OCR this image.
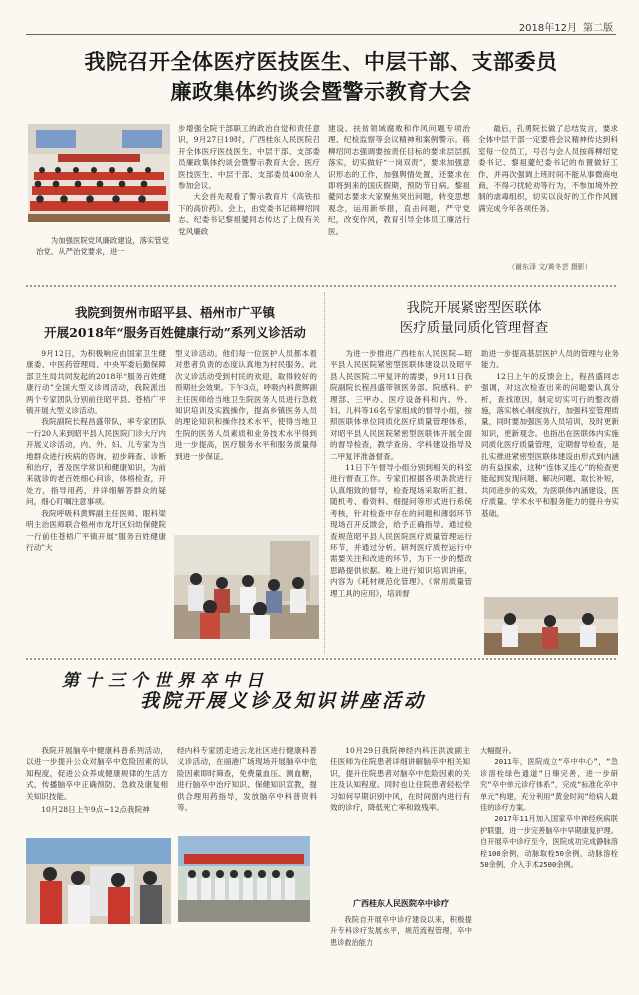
2018年12月 第二版
我院召开全体医疗医技医生、中层干部、支部委员
廉政集体约谈会暨警示教育大会
为加强医院党风廉政建设，落实管党治党、从严治党要求，进一

步增强全院干部职工的政治自觉和责任意识，9月27日19时，广西桂东人民医院召开全体医疗医技医生、中层干部、支部委员廉政集体约谈会暨警示教育大会。医疗医技医生、中层干部、支部委员400余人参加会议。

大会首先观看了警示教育片《高铁扣下的高价药》。会上，由党委书记蒋柳绍同志、纪委书记黎祖薆同志传达了上级有关党风廉政

建设、扶贫领域腐败和作风问题专项治理、纪检监察等会议精神和案例警示。蒋柳绍同志强调要按责任目标的要求层层抓落实，切实做好“一岗双责”，要求加强意识形态的工作，加强舆情处置，还要求在即将到来的国庆假期，预防节日病。黎祖薆同志要求大家聚焦突出问题，转变思想观念，运用新举措，直击问题，严守党纪，改变作风，教育引导全体员工廉洁行医。

最后，孔勇院长做了总结发言，要求全体中层干部一定要将会议精神传达到科室每一位员工，号召与会人员按蒋柳绍党委书记、黎祖薆纪委书记的布置做好工作，并再次强调上班时间不能从事微商电商，不得刁扰轮劝等行为，不参加境外控制的虐毒组织，切实以良好的工作作风圆满完成今年各项任务。

（谢东泽 文/黄冬芸 摄影）
我院到贺州市昭平县、梧州市广平镇
开展2018年“服务百姓健康行动”系列义诊活动

9月12日，为积极响应由国家卫生健康委、中医药管理局、中央军委后勤保障部卫生局共同发起的2018年“服务百姓健康行动”全国大型义诊周活动，我院派出两个专家团队分别前往昭平县、苍梧广平镇开展大型义诊活动。

我院副院长程昌盛带队，率专家团队一行20人来到昭平县人民医院门诊大厅内开展义诊活动，内、外、妇、儿专家为当地群众进行疾病的咨询、初步筛查、诊断和治疗，普及医学常识和健康知识，为前来就诊的老百姓细心问诊，体格检查，开处方，指导用药，并详细解答群众的疑问，细心叮嘱注意事项。

我院呼吸科黄辉副主任医师、眼科梁明主治医师联合梧州市龙圩区妇幼保健院一行前往苍梧广平镇开展“服务百姓健康行动”大

型义诊活动。他们每一位医护人员都本着对患者负责的态度认真地为村民服务。此次义诊活动受到村民的欢迎，取得较好的预期社会效果。下午3点，呼吸内科黄辉副主任医师给当地卫生院医务人员进行急救知识培训及实践操作，提高乡镇医务人员的理论知识和操作技术水平，使得当地卫生院的医务人员素质和业务技术水平得到进一步提高，医疗服务水平和服务质量得到进一步保证。

我院开展紧密型医联体
医疗质量同质化管理督查

为进一步推进广西桂东人民医院—昭平县人民医院紧密型医联体建设以及昭平县人民医院二甲复评的需要，9月11日我院副院长程昌盛带领医务部、院感科、护理部、三甲办、医疗设备科和内、外、妇、儿科等16名专家组成的督导小组，按照医联体单位同质化医疗质量管理体系，对昭平县人民医院紧密型医联体开展全面的督导检查，教学查房、学科建设指导及二甲复评准备督查。

11日下午督导小组分别到相关的科室进行督查工作。专家们根据各项条款进行认真细致的督导，检查现场采取听汇报、随机考、看资料、细提问等形式进行系统考核，针对检查中存在的问题和薄弱环节现场召开反馈会，给予正确指导。通过检查规范昭平县人民医院医疗质量管理运行环节，并通过分析、研判医疗质控运行中需要关注和改进的环节，为下一步的整改思路提供依据。晚上进行知识培训讲座，内容为《耗材规范化管理》、《常用质量管理工具的应用》，培训督

助进一步提高基层医护人员的管理与业务能力。

12日上午的反馈会上，程昌盛同志强调，对这次检查出来的问题要认真分析，查找原因，制定切实可行的整改措施，落实核心制度执行，加强科室管理质量，同时要加强医务人员培训，及时更新知识，更新观念。也指出在医联体内实施同质化医疗质量管理，定期督导检查，是扎实推进紧密型医联体建设由形式到内涵的有益探索，这种“连体又连心”的检查更能起到发现问题、解决问题、取长补短，共同进步的实效，为医联体内涵建设、医疗质量、学术水平和服务能力的提升夯实基础。

第十三个世界卒中日
我院开展义诊及知识讲座活动

我院开展脑卒中健康科普系列活动，以进一步提升公众对脑卒中危险因素的认知程度，促进公众养成健康规律的生活方式，传播脑卒中正确预防、急救及康复相关知识技能。

10月28日上午9点~12点我院神

经内科专家团走进云龙社区进行健康科普义诊活动，在丽港广场现场开展脑卒中危险因素即时筛查，免费量血压、测血糖，进行脑卒中治疗知识、保健知识宣教，提供合理用药指导，发放脑卒中科普资料等。

10月29日我院神经内科汪洪波副主任医师为住院患者详细讲解脑卒中相关知识，提升住院患者对脑卒中危险因素的关注及认知程度。同时也让住院患者轻松学习如何早期识别中风，在时间窗内进行有效的诊疗，降低死亡率和致残率。

广西桂东人民医院卒中诊疗

我院自开展卒中诊疗建设以来，积极提升专科诊疗发展水平，规范流程管理，卒中患诊救治能力

大幅提升。

2011年，医院成立“卒中中心”，“急诊溶栓绿色通道”日臻完善，进一步研究“卒中单元诊疗体系”，完成“标准化卒中单元”构建，充分利用“黄金时间”给病人最佳的诊疗方案。

2017年11月加入国家卒中神经疾病联护联盟，进一步完善脑卒中早期康复护理。自开展卒中诊疗至今，医院成功完成静脉溶栓100余例，动脉取栓50余例，动脉溶栓50余例，介入手术2500余例。
